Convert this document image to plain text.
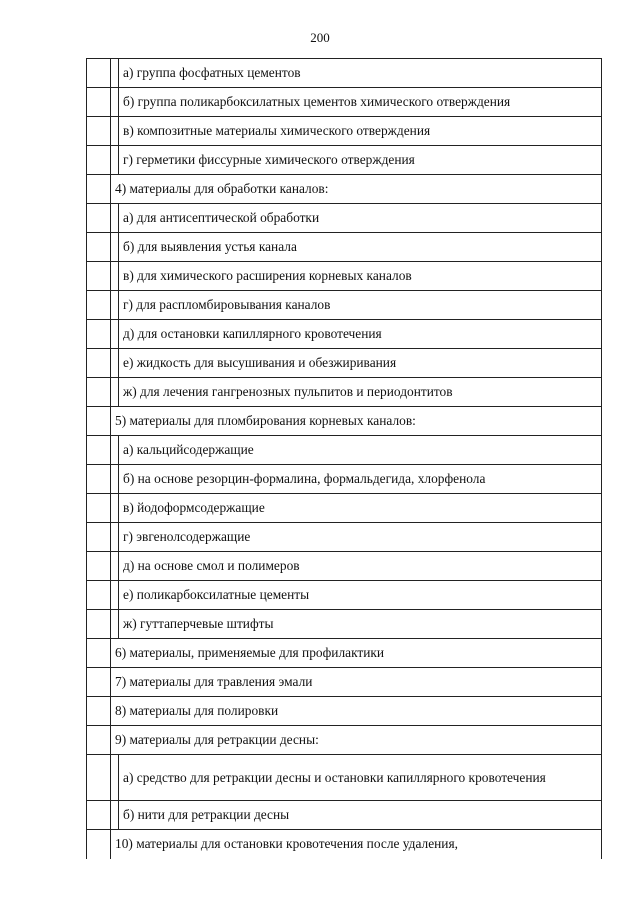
200
		а) группа фосфатных цементов
		б) группа поликарбоксилатных цементов химического отверждения
		в) композитные материалы химического отверждения
		г) герметики фиссурные химического отверждения
	4) материалы для обработки каналов:	
		а) для антисептической обработки
		б) для выявления устья канала
		в) для химического расширения корневых каналов
		г) для распломбировывания каналов
		д) для остановки капиллярного кровотечения
		е) жидкость для высушивания и обезжиривания
		ж) для лечения гангренозных пульпитов и периодонтитов
	5) материалы для пломбирования корневых каналов:	
		а) кальцийсодержащие
		б) на основе резорцин-формалина, формальдегида, хлорфенола
		в) йодоформсодержащие
		г) эвгенолсодержащие
		д) на основе смол и полимеров
		е) поликарбоксилатные цементы
		ж) гуттаперчевые штифты
	6) материалы, применяемые для профилактики	
	7) материалы для травления эмали	
	8) материалы для полировки	
	9) материалы для ретракции десны:	
		а) средство для ретракции десны и остановки капиллярного кровотечения
		б) нити для ретракции десны
	10) материалы для остановки кровотечения после удаления,	
